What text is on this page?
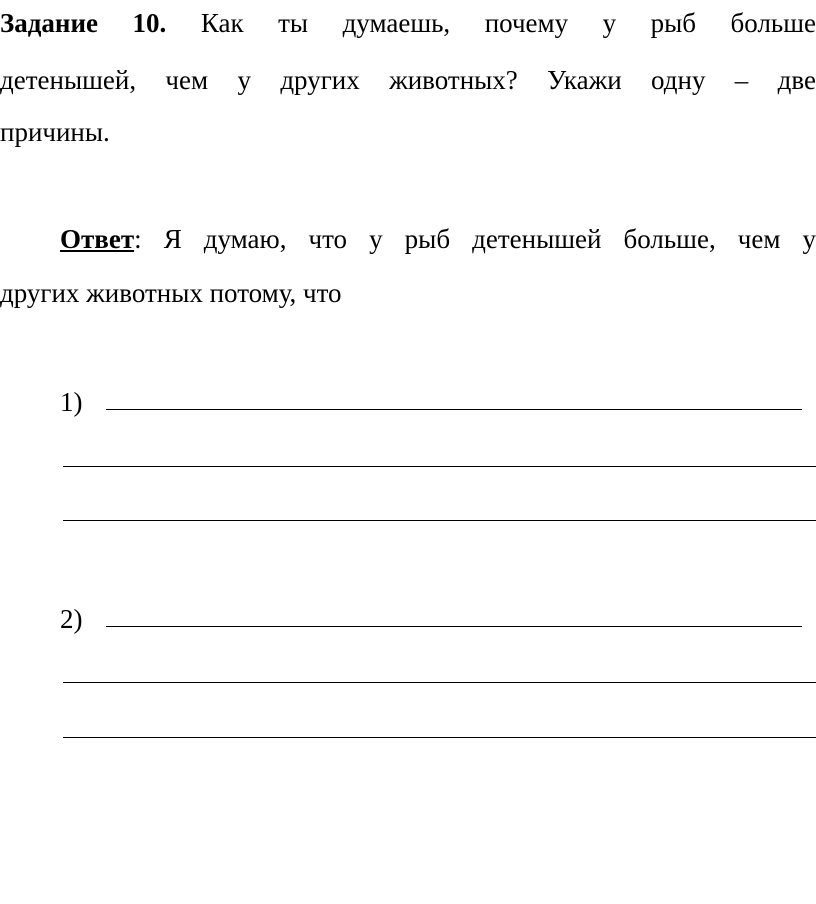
Задание 10. Как ты думаешь, почему у рыб больше
детенышей, чем у других животных? Укажи одну – две
причины.
Ответ: Я думаю, что у рыб детенышей больше, чем у
других животных потому, что
1)
2)
